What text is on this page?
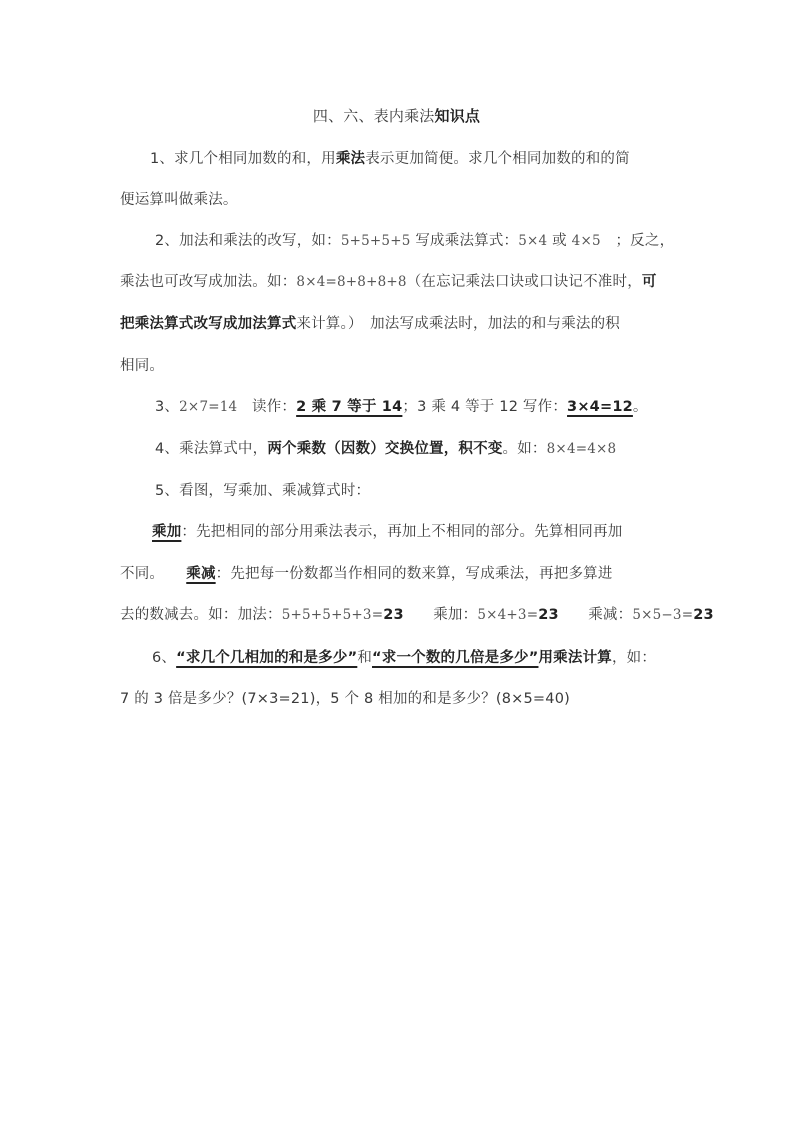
四、六、表内乘法知识点
1、求几个相同加数的和，用乘法表示更加简便。求几个相同加数的和的简
便运算叫做乘法。
2、加法和乘法的改写，如：5+5+5+5 写成乘法算式：5×4 或 4×5　；反之，
乘法也可改写成加法。如：8×4=8+8+8+8（在忘记乘法口诀或口诀记不准时，可
把乘法算式改写成加法算式来计算。）　加法写成乘法时，加法的和与乘法的积
相同。
3、2×7=14　读作：2 乘 7 等于 14；3 乘 4 等于 12 写作：3×4=12。
4、乘法算式中，两个乘数（因数）交换位置，积不变。如：8×4=4×8
5、看图，写乘加、乘减算式时：
乘加：先把相同的部分用乘法表示，再加上不相同的部分。先算相同再加
不同。　　乘减：先把每一份数都当作相同的数来算，写成乘法，再把多算进
去的数减去。如：加法：5+5+5+5+3=23　　乘加：5×4+3=23　　乘减：5×5−3=23
6、“求几个几相加的和是多少”和“求一个数的几倍是多少”用乘法计算，如：
7 的 3 倍是多少？(7×3=21)，5 个 8 相加的和是多少？(8×5=40)
